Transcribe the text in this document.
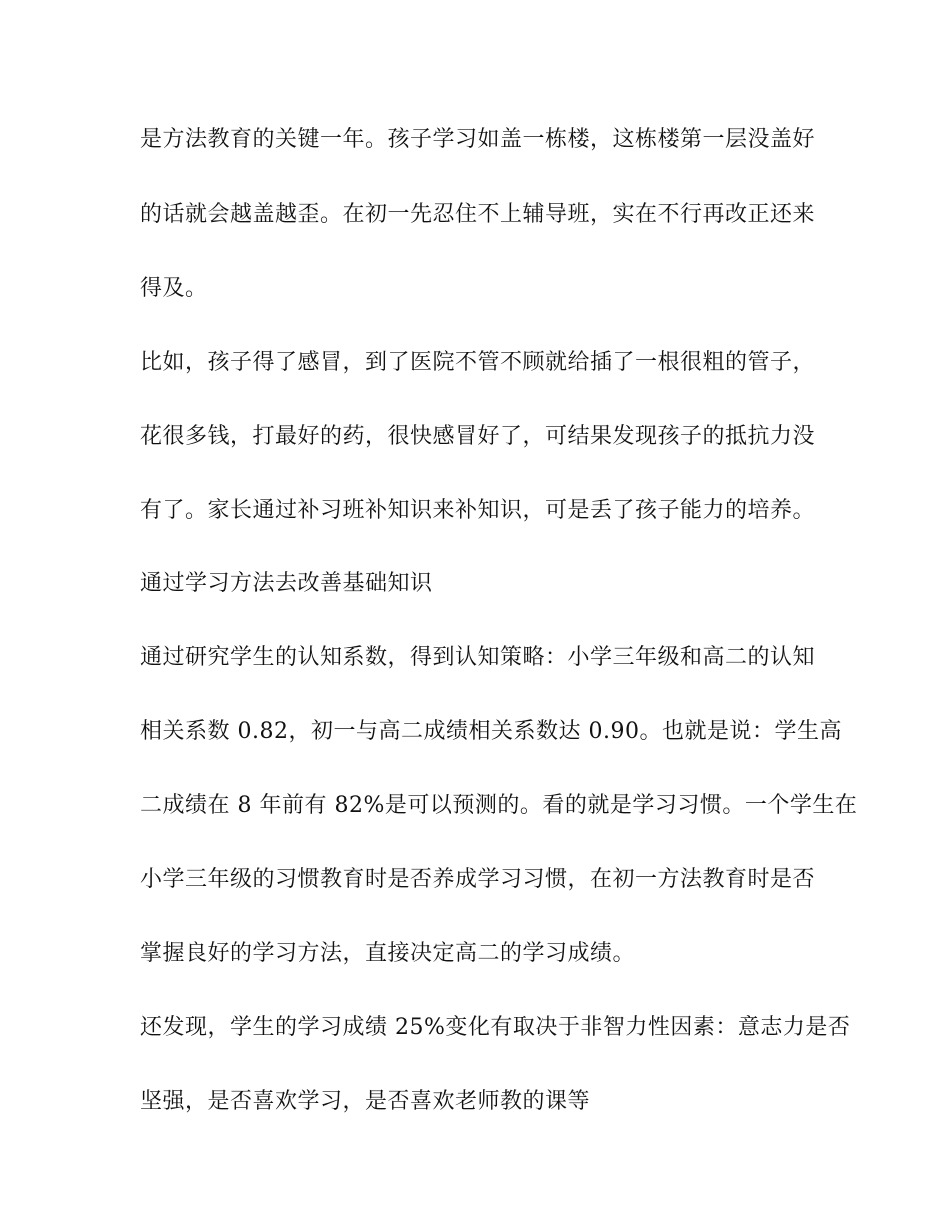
是方法教育的关键一年。孩子学习如盖一栋楼，这栋楼第一层没盖好
的话就会越盖越歪。在初一先忍住不上辅导班，实在不行再改正还来
得及。
比如，孩子得了感冒，到了医院不管不顾就给插了一根很粗的管子，
花很多钱，打最好的药，很快感冒好了，可结果发现孩子的抵抗力没
有了。家长通过补习班补知识来补知识，可是丢了孩子能力的培养。
通过学习方法去改善基础知识
通过研究学生的认知系数，得到认知策略：小学三年级和高二的认知
相关系数 0.82，初一与高二成绩相关系数达 0.90。也就是说：学生高
二成绩在 8 年前有 82%是可以预测的。看的就是学习习惯。一个学生在
小学三年级的习惯教育时是否养成学习习惯，在初一方法教育时是否
掌握良好的学习方法，直接决定高二的学习成绩。
还发现，学生的学习成绩 25%变化有取决于非智力性因素：意志力是否
坚强，是否喜欢学习，是否喜欢老师教的课等
